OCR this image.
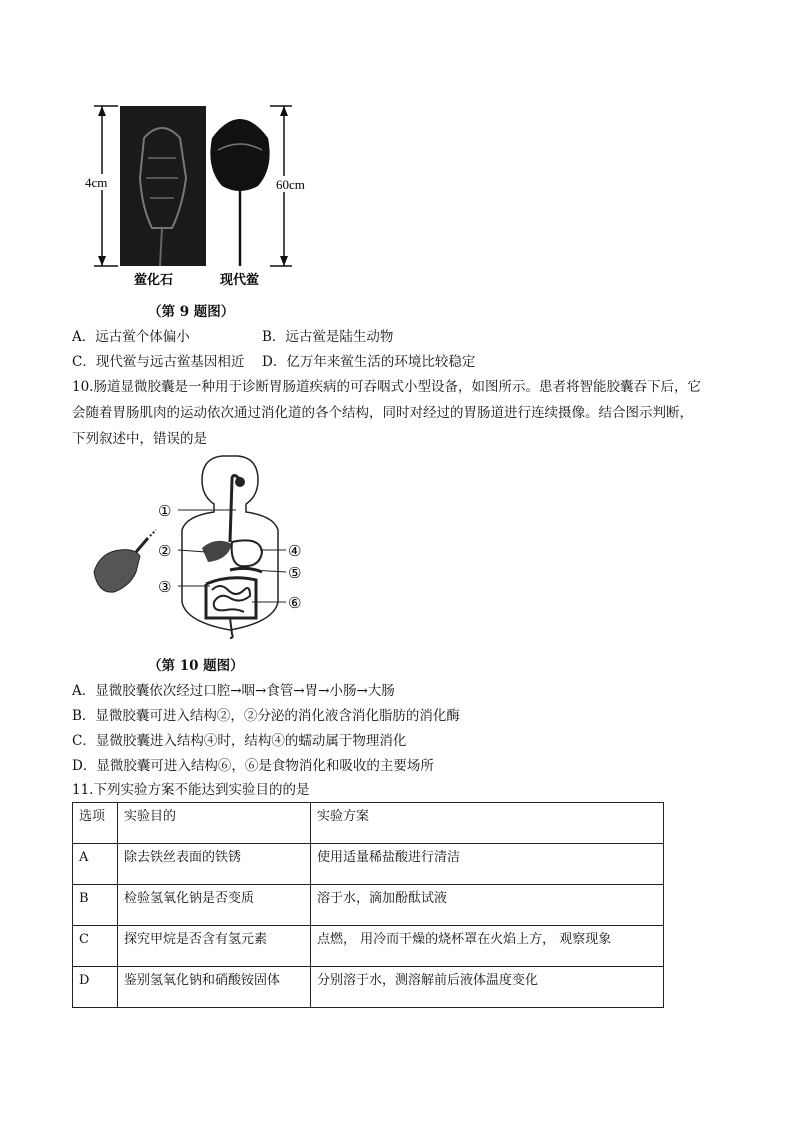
4cm	60cm
鲎化石	现代鲎
（第 9 题图）
A．远古鲎个体偏小	B．远古鲎是陆生动物
C．现代鲎与远古鲎基因相近 D．亿万年来鲎生活的环境比较稳定
10.肠道显微胶囊是一种用于诊断胃肠道疾病的可吞咽式小型设备，如图所示。患者将智能胶囊吞下后，它
会随着胃肠肌肉的运动依次通过消化道的各个结构，同时对经过的胃肠道进行连续摄像。结合图示判断，
下列叙述中，错误的是
①
②
③
④
⑤
⑥
（第 10 题图）
A．显微胶囊依次经过口腔→咽→食管→胃→小肠→大肠
B．显微胶囊可进入结构②，②分泌的消化液含消化脂肪的消化酶
C．显微胶囊进入结构④时，结构④的蠕动属于物理消化
D．显微胶囊可进入结构⑥，⑥是食物消化和吸收的主要场所
11.下列实验方案不能达到实验目的的是
选项	实验目的	实验方案
A	除去铁丝表面的铁锈	使用适量稀盐酸进行清洁
B	检验氢氧化钠是否变质	溶于水，滴加酚酞试液
C	探究甲烷是否含有氢元素	点燃， 用冷而干燥的烧杯罩在火焰上方， 观察现象
D	鉴别氢氧化钠和硝酸铵固体	分别溶于水，测溶解前后液体温度变化
